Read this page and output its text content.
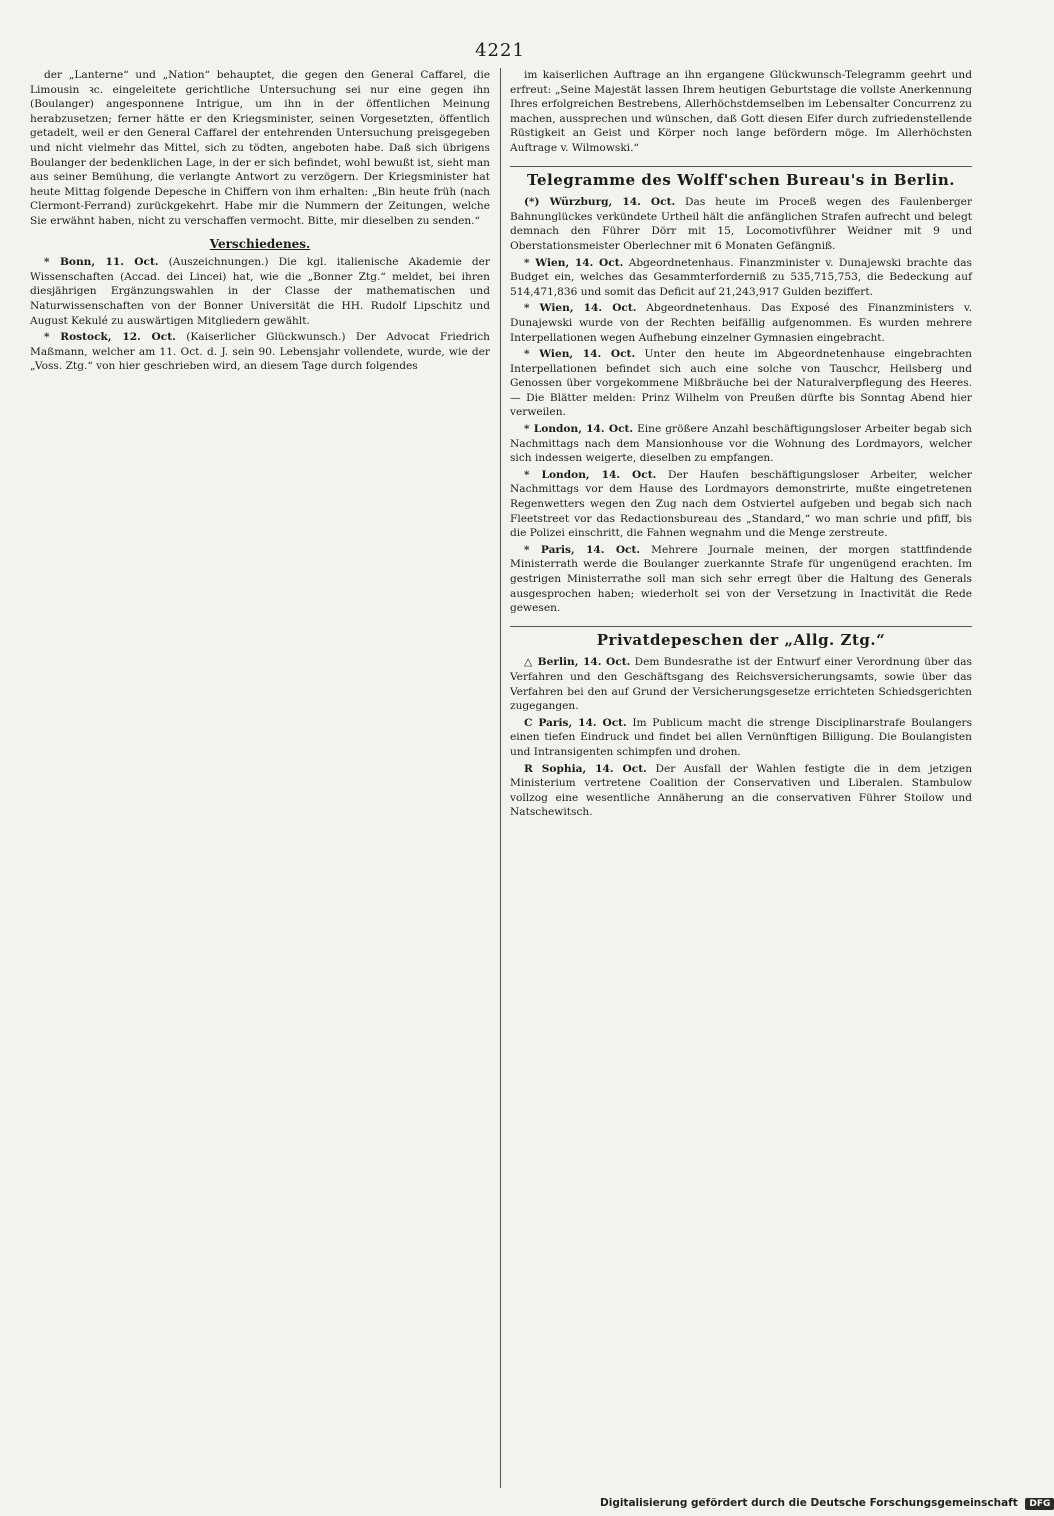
4221

der „Lanterne“ und „Nation“ behauptet, die gegen den General Caffarel, die Limousin ꝛc. eingeleitete gerichtliche Untersuchung sei nur eine gegen ihn (Boulanger) angesponnene Intrigue, um ihn in der öffentlichen Meinung herabzusetzen; ferner hätte er den Kriegsminister, seinen Vorgesetzten, öffentlich getadelt, weil er den General Caffarel der entehrenden Untersuchung preisgegeben und nicht vielmehr das Mittel, sich zu tödten, angeboten habe. Daß sich übrigens Boulanger der bedenklichen Lage, in der er sich befindet, wohl bewußt ist, sieht man aus seiner Bemühung, die verlangte Antwort zu verzögern. Der Kriegsminister hat heute Mittag folgende Depesche in Chiffern von ihm erhalten: „Bin heute früh (nach Clermont-Ferrand) zurückgekehrt. Habe mir die Nummern der Zeitungen, welche Sie erwähnt haben, nicht zu verschaffen vermocht. Bitte, mir dieselben zu senden.“

Verschiedenes.

* Bonn, 11. Oct. (Auszeichnungen.) Die kgl. italienische Akademie der Wissenschaften (Accad. dei Lincei) hat, wie die „Bonner Ztg.“ meldet, bei ihren diesjährigen Ergänzungswahlen in der Classe der mathematischen und Naturwissenschaften von der Bonner Universität die HH. Rudolf Lipschitz und August Kekulé zu auswärtigen Mitgliedern gewählt.

* Rostock, 12. Oct. (Kaiserlicher Glückwunsch.) Der Advocat Friedrich Maßmann, welcher am 11. Oct. d. J. sein 90. Lebensjahr vollendete, wurde, wie der „Voss. Ztg.“ von hier geschrieben wird, an diesem Tage durch folgendes

im kaiserlichen Auftrage an ihn ergangene Glückwunsch-Telegramm geehrt und erfreut: „Seine Majestät lassen Ihrem heutigen Geburtstage die vollste Anerkennung Ihres erfolgreichen Bestrebens, Allerhöchstdemselben im Lebensalter Concurrenz zu machen, aussprechen und wünschen, daß Gott diesen Eifer durch zufriedenstellende Rüstigkeit an Geist und Körper noch lange befördern möge. Im Allerhöchsten Auftrage v. Wilmowski.“

Telegramme des Wolff'schen Bureau's in Berlin.

(*) Würzburg, 14. Oct. Das heute im Proceß wegen des Faulenberger Bahnunglückes verkündete Urtheil hält die anfänglichen Strafen aufrecht und belegt demnach den Führer Dörr mit 15, Locomotivführer Weidner mit 9 und Oberstationsmeister Oberlechner mit 6 Monaten Gefängniß.

* Wien, 14. Oct. Abgeordnetenhaus. Finanzminister v. Dunajewski brachte das Budget ein, welches das Gesammterforderniß zu 535,715,753, die Bedeckung auf 514,471,836 und somit das Deficit auf 21,243,917 Gulden beziffert.

* Wien, 14. Oct. Abgeordnetenhaus. Das Exposé des Finanzministers v. Dunajewski wurde von der Rechten beifällig aufgenommen. Es wurden mehrere Interpellationen wegen Aufhebung einzelner Gymnasien eingebracht.

* Wien, 14. Oct. Unter den heute im Abgeordnetenhause eingebrachten Interpellationen befindet sich auch eine solche von Tauschcr, Heilsberg und Genossen über vorgekommene Mißbräuche bei der Naturalverpflegung des Heeres. — Die Blätter melden: Prinz Wilhelm von Preußen dürfte bis Sonntag Abend hier verweilen.

* London, 14. Oct. Eine größere Anzahl beschäftigungsloser Arbeiter begab sich Nachmittags nach dem Mansionhouse vor die Wohnung des Lordmayors, welcher sich indessen weigerte, dieselben zu empfangen.

* London, 14. Oct. Der Haufen beschäftigungsloser Arbeiter, welcher Nachmittags vor dem Hause des Lordmayors demonstrirte, mußte eingetretenen Regenwetters wegen den Zug nach dem Ostviertel aufgeben und begab sich nach Fleetstreet vor das Redactionsbureau des „Standard,“ wo man schrie und pfiff, bis die Polizei einschritt, die Fahnen wegnahm und die Menge zerstreute.

* Paris, 14. Oct. Mehrere Journale meinen, der morgen stattfindende Ministerrath werde die Boulanger zuerkannte Strafe für ungenügend erachten. Im gestrigen Ministerrathe soll man sich sehr erregt über die Haltung des Generals ausgesprochen haben; wiederholt sei von der Versetzung in Inactivität die Rede gewesen.

Privatdepeschen der „Allg. Ztg.“

△ Berlin, 14. Oct. Dem Bundesrathe ist der Entwurf einer Verordnung über das Verfahren und den Geschäftsgang des Reichsversicherungsamts, sowie über das Verfahren bei den auf Grund der Versicherungsgesetze errichteten Schiedsgerichten zugegangen.

C Paris, 14. Oct. Im Publicum macht die strenge Disciplinarstrafe Boulangers einen tiefen Eindruck und findet bei allen Vernünftigen Billigung. Die Boulangisten und Intransigenten schimpfen und drohen.

R Sophia, 14. Oct. Der Ausfall der Wahlen festigte die in dem jetzigen Ministerium vertretene Coalition der Conservativen und Liberalen. Stambulow vollzog eine wesentliche Annäherung an die conservativen Führer Stoilow und Natschewitsch.

Digitalisierung gefördert durch die Deutsche Forschungsgemeinschaft DFG
